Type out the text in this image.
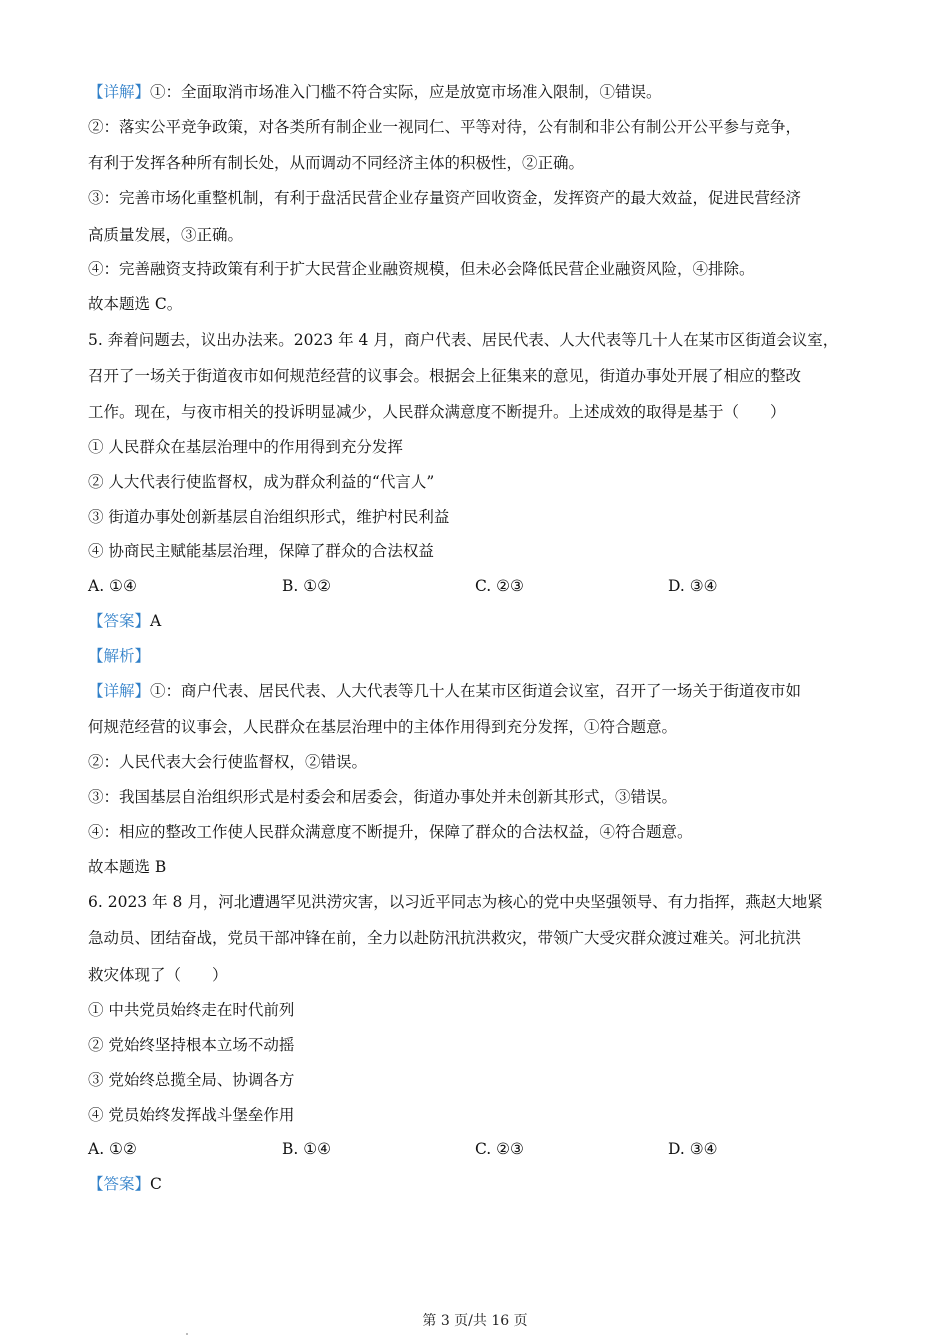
【详解】①：全面取消市场准入门槛不符合实际，应是放宽市场准入限制，①错误。
②：落实公平竞争政策，对各类所有制企业一视同仁、平等对待，公有制和非公有制公开公平参与竞争，
有利于发挥各种所有制长处，从而调动不同经济主体的积极性，②正确。
③：完善市场化重整机制，有利于盘活民营企业存量资产回收资金，发挥资产的最大效益，促进民营经济
高质量发展，③正确。
④：完善融资支持政策有利于扩大民营企业融资规模，但未必会降低民营企业融资风险，④排除。
故本题选 C。
5. 奔着问题去，议出办法来。2023 年 4 月，商户代表、居民代表、人大代表等几十人在某市区街道会议室，
召开了一场关于街道夜市如何规范经营的议事会。根据会上征集来的意见，街道办事处开展了相应的整改
工作。现在，与夜市相关的投诉明显减少，人民群众满意度不断提升。上述成效的取得是基于（　　）
① 人民群众在基层治理中的作用得到充分发挥
② 人大代表行使监督权，成为群众利益的“代言人”
③ 街道办事处创新基层自治组织形式，维护村民利益
④ 协商民主赋能基层治理，保障了群众的合法权益
A. ①④	B. ①②	C. ②③	D. ③④
【答案】A
【解析】
【详解】①：商户代表、居民代表、人大代表等几十人在某市区街道会议室，召开了一场关于街道夜市如
何规范经营的议事会，人民群众在基层治理中的主体作用得到充分发挥，①符合题意。
②：人民代表大会行使监督权，②错误。
③：我国基层自治组织形式是村委会和居委会，街道办事处并未创新其形式，③错误。
④：相应的整改工作使人民群众满意度不断提升，保障了群众的合法权益，④符合题意。
故本题选 B
6. 2023 年 8 月，河北遭遇罕见洪涝灾害，以习近平同志为核心的党中央坚强领导、有力指挥，燕赵大地紧
急动员、团结奋战，党员干部冲锋在前，全力以赴防汛抗洪救灾，带领广大受灾群众渡过难关。河北抗洪
救灾体现了（　　）
① 中共党员始终走在时代前列
② 党始终坚持根本立场不动摇
③ 党始终总揽全局、协调各方
④ 党员始终发挥战斗堡垒作用
A. ①②	B. ①④	C. ②③	D. ③④
【答案】C
第 3 页/共 16 页
